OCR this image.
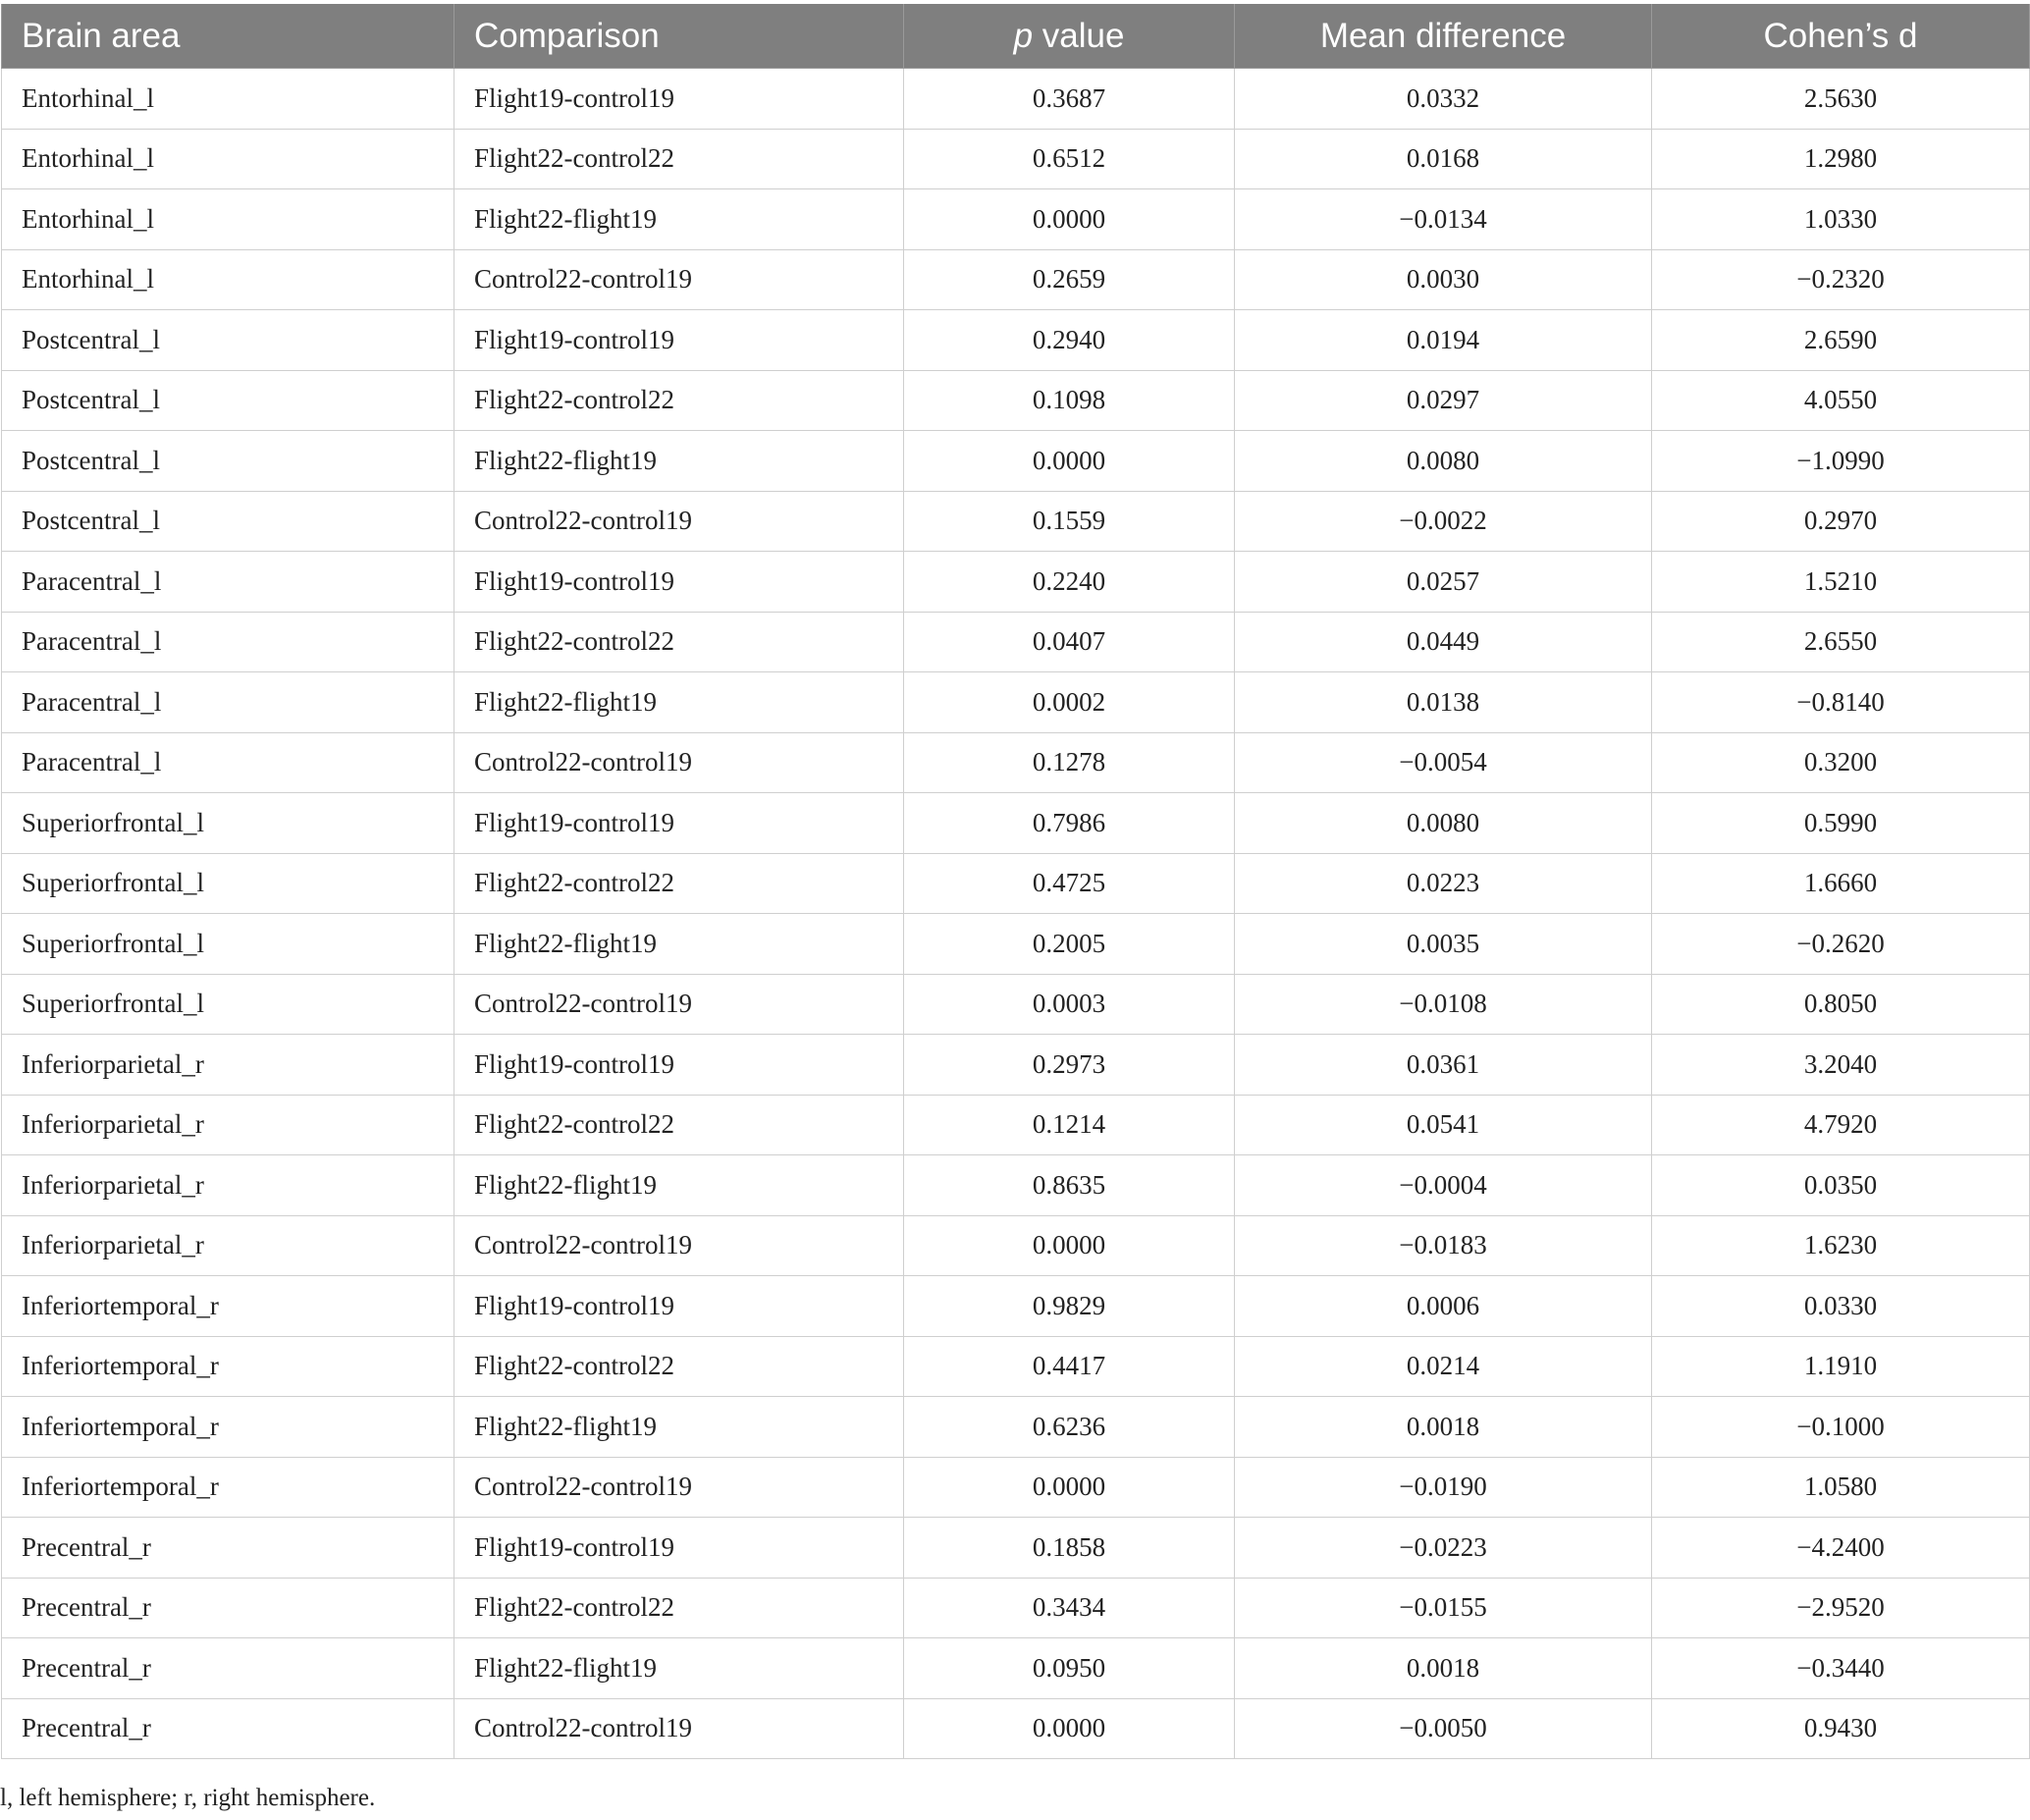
Brain area	Comparison	p value	Mean difference	Cohen’s d
Entorhinal_l	Flight19-control19	0.3687	0.0332	2.5630
Entorhinal_l	Flight22-control22	0.6512	0.0168	1.2980
Entorhinal_l	Flight22-flight19	0.0000	−0.0134	1.0330
Entorhinal_l	Control22-control19	0.2659	0.0030	−0.2320
Postcentral_l	Flight19-control19	0.2940	0.0194	2.6590
Postcentral_l	Flight22-control22	0.1098	0.0297	4.0550
Postcentral_l	Flight22-flight19	0.0000	0.0080	−1.0990
Postcentral_l	Control22-control19	0.1559	−0.0022	0.2970
Paracentral_l	Flight19-control19	0.2240	0.0257	1.5210
Paracentral_l	Flight22-control22	0.0407	0.0449	2.6550
Paracentral_l	Flight22-flight19	0.0002	0.0138	−0.8140
Paracentral_l	Control22-control19	0.1278	−0.0054	0.3200
Superiorfrontal_l	Flight19-control19	0.7986	0.0080	0.5990
Superiorfrontal_l	Flight22-control22	0.4725	0.0223	1.6660
Superiorfrontal_l	Flight22-flight19	0.2005	0.0035	−0.2620
Superiorfrontal_l	Control22-control19	0.0003	−0.0108	0.8050
Inferiorparietal_r	Flight19-control19	0.2973	0.0361	3.2040
Inferiorparietal_r	Flight22-control22	0.1214	0.0541	4.7920
Inferiorparietal_r	Flight22-flight19	0.8635	−0.0004	0.0350
Inferiorparietal_r	Control22-control19	0.0000	−0.0183	1.6230
Inferiortemporal_r	Flight19-control19	0.9829	0.0006	0.0330
Inferiortemporal_r	Flight22-control22	0.4417	0.0214	1.1910
Inferiortemporal_r	Flight22-flight19	0.6236	0.0018	−0.1000
Inferiortemporal_r	Control22-control19	0.0000	−0.0190	1.0580
Precentral_r	Flight19-control19	0.1858	−0.0223	−4.2400
Precentral_r	Flight22-control22	0.3434	−0.0155	−2.9520
Precentral_r	Flight22-flight19	0.0950	0.0018	−0.3440
Precentral_r	Control22-control19	0.0000	−0.0050	0.9430
l, left hemisphere; r, right hemisphere.
